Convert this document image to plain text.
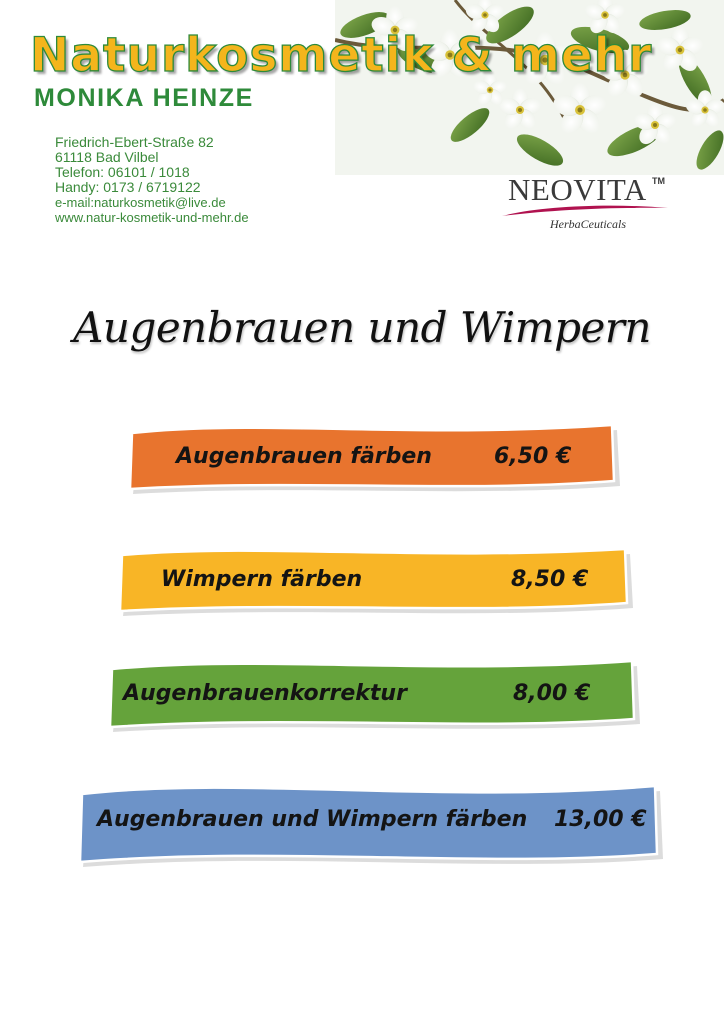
Naturkosmetik & mehr
MONIKA HEINZE
Friedrich-Ebert-Straße 82
61118 Bad Vilbel
Telefon: 06101 / 1018
Handy: 0173 / 6719122
e-mail:naturkosmetik@live.de
www.natur-kosmetik-und-mehr.de
NEOVITA TM
HerbaCeuticals
Augenbrauen und Wimpern
Augenbrauen färben	6,50 €
Wimpern färben	8,50 €
Augenbrauenkorrektur	8,00 €
Augenbrauen und Wimpern färben 13,00 €
